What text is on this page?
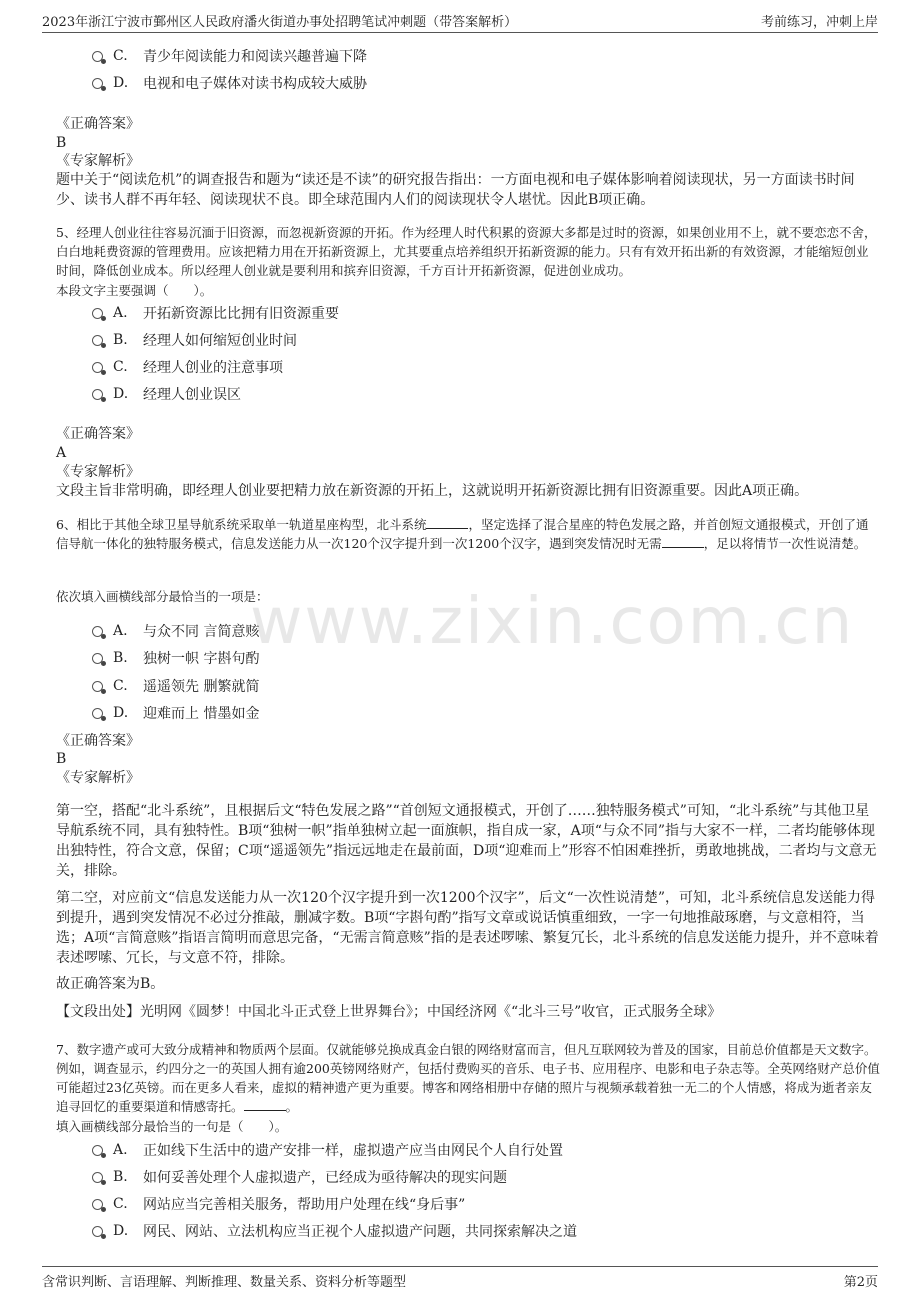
2023年浙江宁波市鄞州区人民政府潘火街道办事处招聘笔试冲刺题（带答案解析）	考前练习，冲刺上岸
www.zixin.com.cn
C.	青少年阅读能力和阅读兴趣普遍下降
D.	电视和电子媒体对读书构成较大威胁
《正确答案》
B
《专家解析》
题中关于“阅读危机”的调查报告和题为“读还是不读”的研究报告指出：一方面电视和电子媒体影响着阅读现状，另一方面读书时间少、读书人群不再年轻、阅读现状不良。即全球范围内人们的阅读现状令人堪忧。因此B项正确。
5、经理人创业往往容易沉湎于旧资源，而忽视新资源的开拓。作为经理人时代积累的资源大多都是过时的资源，如果创业用不上，就不要恋恋不舍，白白地耗费资源的管理费用。应该把精力用在开拓新资源上，尤其要重点培养组织开拓新资源的能力。只有有效开拓出新的有效资源，才能缩短创业时间，降低创业成本。所以经理人创业就是要利用和摈弃旧资源，千方百计开拓新资源，促进创业成功。
本段文字主要强调（　　）。
A.	开拓新资源比比拥有旧资源重要
B.	经理人如何缩短创业时间
C.	经理人创业的注意事项
D.	经理人创业误区
《正确答案》
A
《专家解析》
文段主旨非常明确，即经理人创业要把精力放在新资源的开拓上，这就说明开拓新资源比拥有旧资源重要。因此A项正确。
6、相比于其他全球卫星导航系统采取单一轨道星座构型，北斗系统	，坚定选择了混合星座的特色发展之路，并首创短文通报模式，开创了通信导航一体化的独特服务模式，信息发送能力从一次120个汉字提升到一次1200个汉字，遇到突发情况时无需	，足以将情节一次性说清楚。
依次填入画横线部分最恰当的一项是：
A.	与众不同 言简意赅
B.	独树一帜 字斟句酌
C.	遥遥领先 删繁就简
D.	迎难而上 惜墨如金
《正确答案》
B
《专家解析》
第一空，搭配“北斗系统”，且根据后文“特色发展之路”“首创短文通报模式，开创了……独特服务模式”可知，“北斗系统”与其他卫星导航系统不同，具有独特性。B项“独树一帜”指单独树立起一面旗帜，指自成一家，A项“与众不同”指与大家不一样，二者均能够体现出独特性，符合文意，保留；C项“遥遥领先”指远远地走在最前面，D项“迎难而上”形容不怕困难挫折，勇敢地挑战，二者均与文意无关，排除。
第二空，对应前文“信息发送能力从一次120个汉字提升到一次1200个汉字”，后文“一次性说清楚”，可知，北斗系统信息发送能力得到提升，遇到突发情况不必过分推敲，删减字数。B项“字斟句酌”指写文章或说话慎重细致，一字一句地推敲琢磨，与文意相符，当选；A项“言简意赅”指语言简明而意思完备，“无需言简意赅”指的是表述啰嗦、繁复冗长，北斗系统的信息发送能力提升，并不意味着表述啰嗦、冗长，与文意不符，排除。
故正确答案为B。
【文段出处】光明网《圆梦！中国北斗正式登上世界舞台》；中国经济网《“北斗三号”收官，正式服务全球》
7、数字遗产或可大致分成精神和物质两个层面。仅就能够兑换成真金白银的网络财富而言，但凡互联网较为普及的国家，目前总价值都是天文数字。例如，调查显示，约四分之一的英国人拥有逾200英镑网络财产，包括付费购买的音乐、电子书、应用程序、电影和电子杂志等。全英网络财产总价值可能超过23亿英镑。而在更多人看来，虚拟的精神遗产更为重要。博客和网络相册中存储的照片与视频承载着独一无二的个人情感，将成为逝者亲友追寻回忆的重要渠道和情感寄托。	。
填入画横线部分最恰当的一句是（　　）。
A.	正如线下生活中的遗产安排一样，虚拟遗产应当由网民个人自行处置
B.	如何妥善处理个人虚拟遗产，已经成为亟待解决的现实问题
C.	网站应当完善相关服务，帮助用户处理在线“身后事”
D.	网民、网站、立法机构应当正视个人虚拟遗产问题，共同探索解决之道
含常识判断、言语理解、判断推理、数量关系、资料分析等题型	第2页
